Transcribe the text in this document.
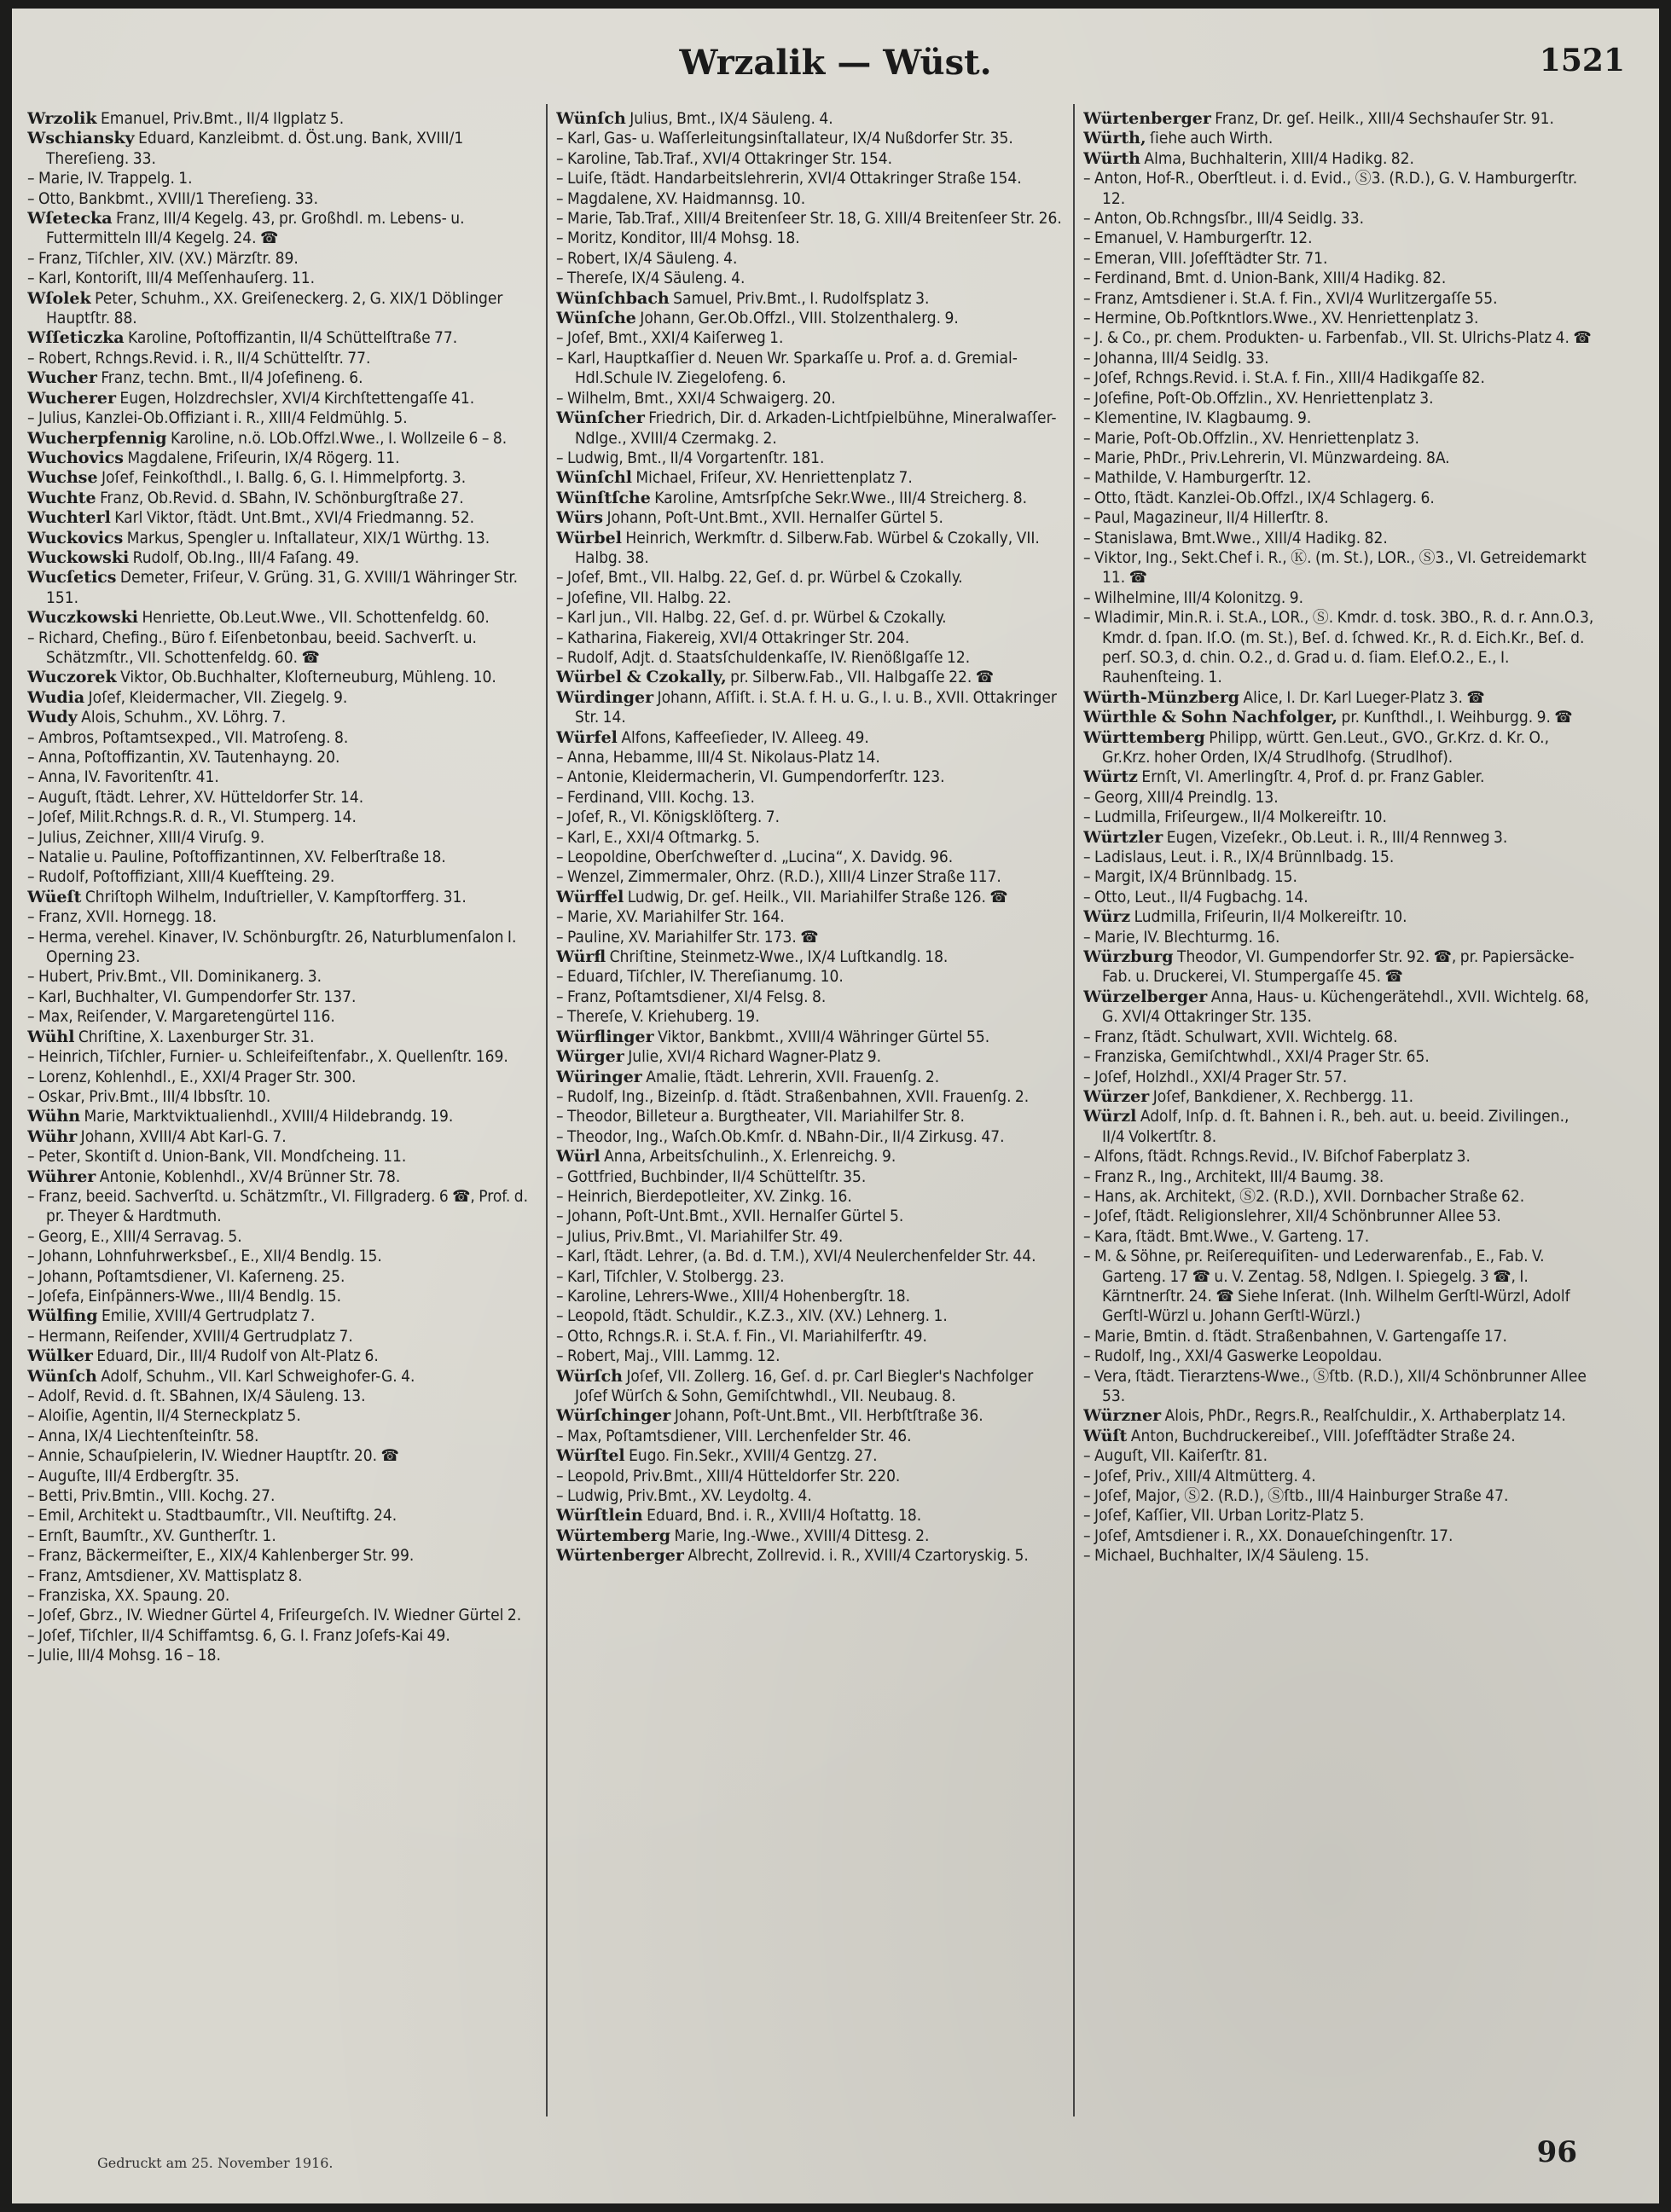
Wrzalik — Wüst.	1521

Wrzolik Emanuel, Priv.Bmt., II/4 Ilgplatz 5.

Wschiansky Eduard, Kanzleibmt. d. Öst.ung. Bank, XVIII/1 Thereſieng. 33.

– Marie, IV. Trappelg. 1.

– Otto, Bankbmt., XVIII/1 Thereſieng. 33.

Wſetecka Franz, III/4 Kegelg. 43, pr. Großhdl. m. Lebens- u. Futtermitteln III/4 Kegelg. 24. ☎

– Franz, Tiſchler, XIV. (XV.) Märzſtr. 89.

– Karl, Kontoriſt, III/4 Meſſenhauſerg. 11.

Wſolek Peter, Schuhm., XX. Greiſeneckerg. 2, G. XIX/1 Döblinger Hauptſtr. 88.

Wſſeticzka Karoline, Poſtoffizantin, II/4 Schüttelſtraße 77.

– Robert, Rchngs.Revid. i. R., II/4 Schüttelſtr. 77.

Wucher Franz, techn. Bmt., II/4 Joſefineng. 6.

Wucherer Eugen, Holzdrechsler, XVI/4 Kirchſtettengaſſe 41.

– Julius, Kanzlei-Ob.Offiziant i. R., XIII/4 Feldmühlg. 5.

Wucherpfennig Karoline, n.ö. LOb.Offzl.Wwe., I. Wollzeile 6 – 8.

Wuchovics Magdalene, Friſeurin, IX/4 Rögerg. 11.

Wuchse Joſef, Feinkoſthdl., I. Ballg. 6, G. I. Himmelpfortg. 3.

Wuchte Franz, Ob.Revid. d. SBahn, IV. Schönburgſtraße 27.

Wuchterl Karl Viktor, ſtädt. Unt.Bmt., XVI/4 Friedmanng. 52.

Wuckovics Markus, Spengler u. Inſtallateur, XIX/1 Würthg. 13.

Wuckowski Rudolf, Ob.Ing., III/4 Faſang. 49.

Wucſetics Demeter, Friſeur, V. Grüng. 31, G. XVIII/1 Währinger Str. 151.

Wuczkowski Henriette, Ob.Leut.Wwe., VII. Schottenfeldg. 60.

– Richard, Chefing., Büro f. Eiſenbetonbau, beeid. Sachverſt. u. Schätzmſtr., VII. Schottenfeldg. 60. ☎

Wuczorek Viktor, Ob.Buchhalter, Kloſterneuburg, Mühleng. 10.

Wudia Joſef, Kleidermacher, VII. Ziegelg. 9.

Wudy Alois, Schuhm., XV. Löhrg. 7.

– Ambros, Poſtamtsexped., VII. Matroſeng. 8.

– Anna, Poſtoffizantin, XV. Tautenhayng. 20.

– Anna, IV. Favoritenſtr. 41.

– Auguſt, ſtädt. Lehrer, XV. Hütteldorfer Str. 14.

– Joſef, Milit.Rchngs.R. d. R., VI. Stumperg. 14.

– Julius, Zeichner, XIII/4 Viruſg. 9.

– Natalie u. Pauline, Poſtoffizantinnen, XV. Felberſtraße 18.

– Rudolf, Poſtoffiziant, XIII/4 Kuefſteing. 29.

Wüeſt Chriſtoph Wilhelm, Induſtrieller, V. Kampſtorfferg. 31.

– Franz, XVII. Hornegg. 18.

– Herma, verehel. Kinaver, IV. Schönburgſtr. 26, Naturblumenſalon I. Operning 23.

– Hubert, Priv.Bmt., VII. Dominikanerg. 3.

– Karl, Buchhalter, VI. Gumpendorfer Str. 137.

– Max, Reiſender, V. Margaretengürtel 116.

Wühl Chriſtine, X. Laxenburger Str. 31.

– Heinrich, Tiſchler, Furnier- u. Schleifeiſtenfabr., X. Quellenſtr. 169.

– Lorenz, Kohlenhdl., E., XXI/4 Prager Str. 300.

– Oskar, Priv.Bmt., III/4 Ibbsſtr. 10.

Wühn Marie, Marktviktualienhdl., XVIII/4 Hildebrandg. 19.

Wühr Johann, XVIII/4 Abt Karl-G. 7.

– Peter, Skontiſt d. Union-Bank, VII. Mondſcheing. 11.

Wührer Antonie, Koblenhdl., XV/4 Brünner Str. 78.

– Franz, beeid. Sachverſtd. u. Schätzmſtr., VI. Fillgraderg. 6 ☎, Prof. d. pr. Theyer & Hardtmuth.

– Georg, E., XIII/4 Serravag. 5.

– Johann, Lohnfuhrwerksbeſ., E., XII/4 Bendlg. 15.

– Johann, Poſtamtsdiener, VI. Kaſerneng. 25.

– Joſefa, Einſpänners-Wwe., III/4 Bendlg. 15.

Wülfing Emilie, XVIII/4 Gertrudplatz 7.

– Hermann, Reiſender, XVIII/4 Gertrudplatz 7.

Wülker Eduard, Dir., III/4 Rudolf von Alt-Platz 6.

Wünſch Adolf, Schuhm., VII. Karl Schweighofer-G. 4.

– Adolf, Revid. d. ſt. SBahnen, IX/4 Säuleng. 13.

– Aloiſie, Agentin, II/4 Sterneckplatz 5.

– Anna, IX/4 Liechtenſteinſtr. 58.

– Annie, Schauſpielerin, IV. Wiedner Hauptſtr. 20. ☎

– Auguſte, III/4 Erdbergſtr. 35.

– Betti, Priv.Bmtin., VIII. Kochg. 27.

– Emil, Architekt u. Stadtbaumſtr., VII. Neuſtiftg. 24.

– Ernſt, Baumſtr., XV. Guntherſtr. 1.

– Franz, Bäckermeiſter, E., XIX/4 Kahlenberger Str. 99.

– Franz, Amtsdiener, XV. Mattisplatz 8.

– Franziska, XX. Spaung. 20.

– Joſef, Gbrz., IV. Wiedner Gürtel 4, Friſeurgeſch. IV. Wiedner Gürtel 2.

– Joſef, Tiſchler, II/4 Schiffamtsg. 6, G. I. Franz Joſefs-Kai 49.

– Julie, III/4 Mohsg. 16 – 18.

Wünſch Julius, Bmt., IX/4 Säuleng. 4.

– Karl, Gas- u. Waſſerleitungsinſtallateur, IX/4 Nußdorfer Str. 35.

– Karoline, Tab.Traf., XVI/4 Ottakringer Str. 154.

– Luiſe, ſtädt. Handarbeitslehrerin, XVI/4 Ottakringer Straße 154.

– Magdalene, XV. Haidmannsg. 10.

– Marie, Tab.Traf., XIII/4 Breitenſeer Str. 18, G. XIII/4 Breitenſeer Str. 26.

– Moritz, Konditor, III/4 Mohsg. 18.

– Robert, IX/4 Säuleng. 4.

– Thereſe, IX/4 Säuleng. 4.

Wünſchbach Samuel, Priv.Bmt., I. Rudolfsplatz 3.

Wünſche Johann, Ger.Ob.Offzl., VIII. Stolzenthalerg. 9.

– Joſef, Bmt., XXI/4 Kaiſerweg 1.

– Karl, Hauptkaſſier d. Neuen Wr. Sparkaſſe u. Prof. a. d. Gremial-Hdl.Schule IV. Ziegelofeng. 6.

– Wilhelm, Bmt., XXI/4 Schwaigerg. 20.

Wünſcher Friedrich, Dir. d. Arkaden-Lichtſpielbühne, Mineralwaſſer-Ndlge., XVIII/4 Czermakg. 2.

– Ludwig, Bmt., II/4 Vorgartenſtr. 181.

Wünſchl Michael, Friſeur, XV. Henriettenplatz 7.

Wünſtſche Karoline, Amtsrſpſche Sekr.Wwe., III/4 Streicherg. 8.

Würs Johann, Poſt-Unt.Bmt., XVII. Hernalſer Gürtel 5.

Würbel Heinrich, Werkmſtr. d. Silberw.Fab. Würbel & Czokally, VII. Halbg. 38.

– Joſef, Bmt., VII. Halbg. 22, Geſ. d. pr. Würbel & Czokally.

– Joſefine, VII. Halbg. 22.

– Karl jun., VII. Halbg. 22, Geſ. d. pr. Würbel & Czokally.

– Katharina, Fiakereig, XVI/4 Ottakringer Str. 204.

– Rudolf, Adjt. d. Staatsſchuldenkaſſe, IV. Rienößlgaſſe 12.

Würbel & Czokally, pr. Silberw.Fab., VII. Halbgaſſe 22. ☎

Würdinger Johann, Aſſiſt. i. St.A. f. H. u. G., I. u. B., XVII. Ottakringer Str. 14.

Würfel Alfons, Kaffeeſieder, IV. Alleeg. 49.

– Anna, Hebamme, III/4 St. Nikolaus-Platz 14.

– Antonie, Kleidermacherin, VI. Gumpendorferſtr. 123.

– Ferdinand, VIII. Kochg. 13.

– Joſef, R., VI. Königsklöſterg. 7.

– Karl, E., XXI/4 Oſtmarkg. 5.

– Leopoldine, Oberſchweſter d. „Lucina“, X. Davidg. 96.

– Wenzel, Zimmermaler, Ohrz. (R.D.), XIII/4 Linzer Straße 117.

Würffel Ludwig, Dr. geſ. Heilk., VII. Mariahilfer Straße 126. ☎

– Marie, XV. Mariahilfer Str. 164.

– Pauline, XV. Mariahilfer Str. 173. ☎

Würfl Chriſtine, Steinmetz-Wwe., IX/4 Luſtkandlg. 18.

– Eduard, Tiſchler, IV. Thereſianumg. 10.

– Franz, Poſtamtsdiener, XI/4 Felsg. 8.

– Thereſe, V. Kriehuberg. 19.

Würflinger Viktor, Bankbmt., XVIII/4 Währinger Gürtel 55.

Würger Julie, XVI/4 Richard Wagner-Platz 9.

Würinger Amalie, ſtädt. Lehrerin, XVII. Frauenſg. 2.

– Rudolf, Ing., Bizeinſp. d. ſtädt. Straßenbahnen, XVII. Frauenſg. 2.

– Theodor, Billeteur a. Burgtheater, VII. Mariahilfer Str. 8.

– Theodor, Ing., Waſch.Ob.Kmſr. d. NBahn-Dir., II/4 Zirkusg. 47.

Würl Anna, Arbeitsſchulinh., X. Erlenreichg. 9.

– Gottfried, Buchbinder, II/4 Schüttelſtr. 35.

– Heinrich, Bierdepotleiter, XV. Zinkg. 16.

– Johann, Poſt-Unt.Bmt., XVII. Hernalſer Gürtel 5.

– Julius, Priv.Bmt., VI. Mariahilfer Str. 49.

– Karl, ſtädt. Lehrer, (a. Bd. d. T.M.), XVI/4 Neulerchenfelder Str. 44.

– Karl, Tiſchler, V. Stolbergg. 23.

– Karoline, Lehrers-Wwe., XIII/4 Hohenbergſtr. 18.

– Leopold, ſtädt. Schuldir., K.Z.3., XIV. (XV.) Lehnerg. 1.

– Otto, Rchngs.R. i. St.A. f. Fin., VI. Mariahilferſtr. 49.

– Robert, Maj., VIII. Lammg. 12.

Würſch Joſef, VII. Zollerg. 16, Geſ. d. pr. Carl Biegler's Nachfolger Joſef Würſch & Sohn, Gemiſchtwhdl., VII. Neubaug. 8.

Würſchinger Johann, Poſt-Unt.Bmt., VII. Herbſtſtraße 36.

– Max, Poſtamtsdiener, VIII. Lerchenfelder Str. 46.

Würſtel Eugo. Fin.Sekr., XVIII/4 Gentzg. 27.

– Leopold, Priv.Bmt., XIII/4 Hütteldorfer Str. 220.

– Ludwig, Priv.Bmt., XV. Leydoltg. 4.

Würſtlein Eduard, Bnd. i. R., XVIII/4 Hoſtattg. 18.

Würtemberg Marie, Ing.-Wwe., XVIII/4 Dittesg. 2.

Würtenberger Albrecht, Zollrevid. i. R., XVIII/4 Czartoryskig. 5.

Würtenberger Franz, Dr. geſ. Heilk., XIII/4 Sechshauſer Str. 91.

Würth, ſiehe auch Wirth.

Würth Alma, Buchhalterin, XIII/4 Hadikg. 82.

– Anton, Hof-R., Oberſtleut. i. d. Evid., Ⓢ3. (R.D.), G. V. Hamburgerſtr. 12.

– Anton, Ob.Rchngsſbr., III/4 Seidlg. 33.

– Emanuel, V. Hamburgerſtr. 12.

– Emeran, VIII. Joſefſtädter Str. 71.

– Ferdinand, Bmt. d. Union-Bank, XIII/4 Hadikg. 82.

– Franz, Amtsdiener i. St.A. f. Fin., XVI/4 Wurlitzergaſſe 55.

– Hermine, Ob.Poſtkntlors.Wwe., XV. Henriettenplatz 3.

– J. & Co., pr. chem. Produkten- u. Farbenfab., VII. St. Ulrichs-Platz 4. ☎

– Johanna, III/4 Seidlg. 33.

– Joſef, Rchngs.Revid. i. St.A. f. Fin., XIII/4 Hadikgaſſe 82.

– Joſefine, Poſt-Ob.Offzlin., XV. Henriettenplatz 3.

– Klementine, IV. Klagbaumg. 9.

– Marie, Poſt-Ob.Offzlin., XV. Henriettenplatz 3.

– Marie, PhDr., Priv.Lehrerin, VI. Münzwardeing. 8A.

– Mathilde, V. Hamburgerſtr. 12.

– Otto, ſtädt. Kanzlei-Ob.Offzl., IX/4 Schlagerg. 6.

– Paul, Magazineur, II/4 Hillerſtr. 8.

– Stanislawa, Bmt.Wwe., XIII/4 Hadikg. 82.

– Viktor, Ing., Sekt.Chef i. R., Ⓚ. (m. St.), LOR., Ⓢ3., VI. Getreidemarkt 11. ☎

– Wilhelmine, III/4 Kolonitzg. 9.

– Wladimir, Min.R. i. St.A., LOR., Ⓢ. Kmdr. d. tosk. 3BO., R. d. r. Ann.O.3, Kmdr. d. ſpan. Iſ.O. (m. St.), Beſ. d. ſchwed. Kr., R. d. Eich.Kr., Beſ. d. perſ. SO.3, d. chin. O.2., d. Grad u. d. ſiam. Elef.O.2., E., I. Rauhenſteing. 1.

Würth-Münzberg Alice, I. Dr. Karl Lueger-Platz 3. ☎

Würthle & Sohn Nachfolger, pr. Kunſthdl., I. Weihburgg. 9. ☎

Württemberg Philipp, württ. Gen.Leut., GVO., Gr.Krz. d. Kr. O., Gr.Krz. hoher Orden, IX/4 Strudlhofg. (Strudlhof).

Würtz Ernſt, VI. Amerlingſtr. 4, Prof. d. pr. Franz Gabler.

– Georg, XIII/4 Preindlg. 13.

– Ludmilla, Friſeurgew., II/4 Molkereiſtr. 10.

Würtzler Eugen, Vizeſekr., Ob.Leut. i. R., III/4 Rennweg 3.

– Ladislaus, Leut. i. R., IX/4 Brünnlbadg. 15.

– Margit, IX/4 Brünnlbadg. 15.

– Otto, Leut., II/4 Fugbachg. 14.

Würz Ludmilla, Friſeurin, II/4 Molkereiſtr. 10.

– Marie, IV. Blechturmg. 16.

Würzburg Theodor, VI. Gumpendorfer Str. 92. ☎, pr. Papiersäcke-Fab. u. Druckerei, VI. Stumpergaſſe 45. ☎

Würzelberger Anna, Haus- u. Küchengerätehdl., XVII. Wichtelg. 68, G. XVI/4 Ottakringer Str. 135.

– Franz, ſtädt. Schulwart, XVII. Wichtelg. 68.

– Franziska, Gemiſchtwhdl., XXI/4 Prager Str. 65.

– Joſef, Holzhdl., XXI/4 Prager Str. 57.

Würzer Joſef, Bankdiener, X. Rechbergg. 11.

Würzl Adolf, Inſp. d. ſt. Bahnen i. R., beh. aut. u. beeid. Zivilingen., II/4 Volkertſtr. 8.

– Alfons, ſtädt. Rchngs.Revid., IV. Biſchof Faberplatz 3.

– Franz R., Ing., Architekt, III/4 Baumg. 38.

– Hans, ak. Architekt, Ⓢ2. (R.D.), XVII. Dornbacher Straße 62.

– Joſef, ſtädt. Religionslehrer, XII/4 Schönbrunner Allee 53.

– Kara, ſtädt. Bmt.Wwe., V. Garteng. 17.

– M. & Söhne, pr. Reiſerequiſiten- und Lederwarenfab., E., Fab. V. Garteng. 17 ☎ u. V. Zentag. 58, Ndlgen. I. Spiegelg. 3 ☎, I. Kärntnerſtr. 24. ☎ Siehe Inſerat. (Inh. Wilhelm Gerſtl-Würzl, Adolf Gerſtl-Würzl u. Johann Gerſtl-Würzl.)

– Marie, Bmtin. d. ſtädt. Straßenbahnen, V. Gartengaſſe 17.

– Rudolf, Ing., XXI/4 Gaswerke Leopoldau.

– Vera, ſtädt. Tierarztens-Wwe., Ⓢſtb. (R.D.), XII/4 Schönbrunner Allee 53.

Würzner Alois, PhDr., Regrs.R., Realſchuldir., X. Arthaberplatz 14.

Wüſt Anton, Buchdruckereibeſ., VIII. Joſefſtädter Straße 24.

– Auguſt, VII. Kaiſerſtr. 81.

– Joſef, Priv., XIII/4 Altmütterg. 4.

– Joſef, Major, Ⓢ2. (R.D.), Ⓢſtb., III/4 Hainburger Straße 47.

– Joſef, Kaſſier, VII. Urban Loritz-Platz 5.

– Joſef, Amtsdiener i. R., XX. Donaueſchingenſtr. 17.

– Michael, Buchhalter, IX/4 Säuleng. 15.

Gedruckt am 25. November 1916.	96
